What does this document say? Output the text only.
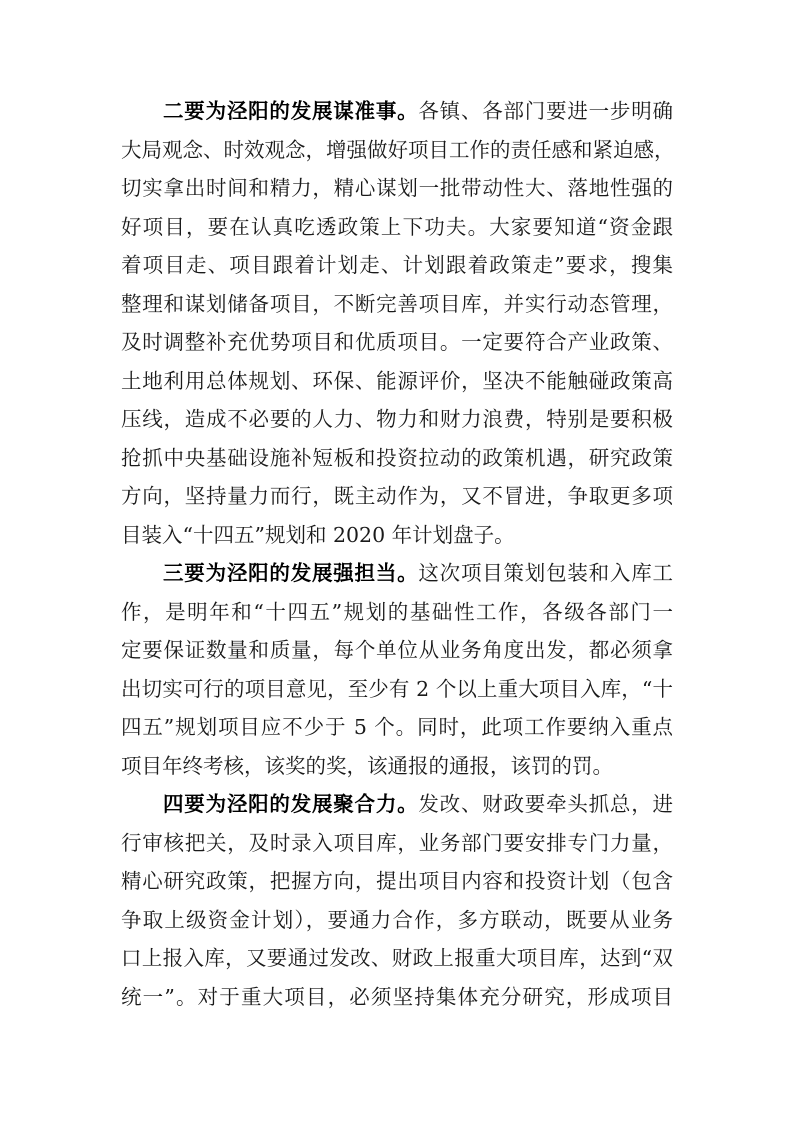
二要为泾阳的发展谋准事。各镇、各部门要进一步明确
大局观念、时效观念，增强做好项目工作的责任感和紧迫感，
切实拿出时间和精力，精心谋划一批带动性大、落地性强的
好项目，要在认真吃透政策上下功夫。大家要知道“资金跟
着项目走、项目跟着计划走、计划跟着政策走”要求，搜集
整理和谋划储备项目，不断完善项目库，并实行动态管理，
及时调整补充优势项目和优质项目。一定要符合产业政策、
土地利用总体规划、环保、能源评价，坚决不能触碰政策高
压线，造成不必要的人力、物力和财力浪费，特别是要积极
抢抓中央基础设施补短板和投资拉动的政策机遇，研究政策
方向，坚持量力而行，既主动作为，又不冒进，争取更多项
目装入“十四五”规划和 2020 年计划盘子。
三要为泾阳的发展强担当。这次项目策划包装和入库工
作，是明年和“十四五”规划的基础性工作，各级各部门一
定要保证数量和质量，每个单位从业务角度出发，都必须拿
出切实可行的项目意见，至少有 2 个以上重大项目入库，“十
四五”规划项目应不少于 5 个。同时，此项工作要纳入重点
项目年终考核，该奖的奖，该通报的通报，该罚的罚。
四要为泾阳的发展聚合力。发改、财政要牵头抓总，进
行审核把关，及时录入项目库，业务部门要安排专门力量，
精心研究政策，把握方向，提出项目内容和投资计划（包含
争取上级资金计划），要通力合作，多方联动，既要从业务
口上报入库，又要通过发改、财政上报重大项目库，达到“双
统一”。对于重大项目，必须坚持集体充分研究，形成项目
